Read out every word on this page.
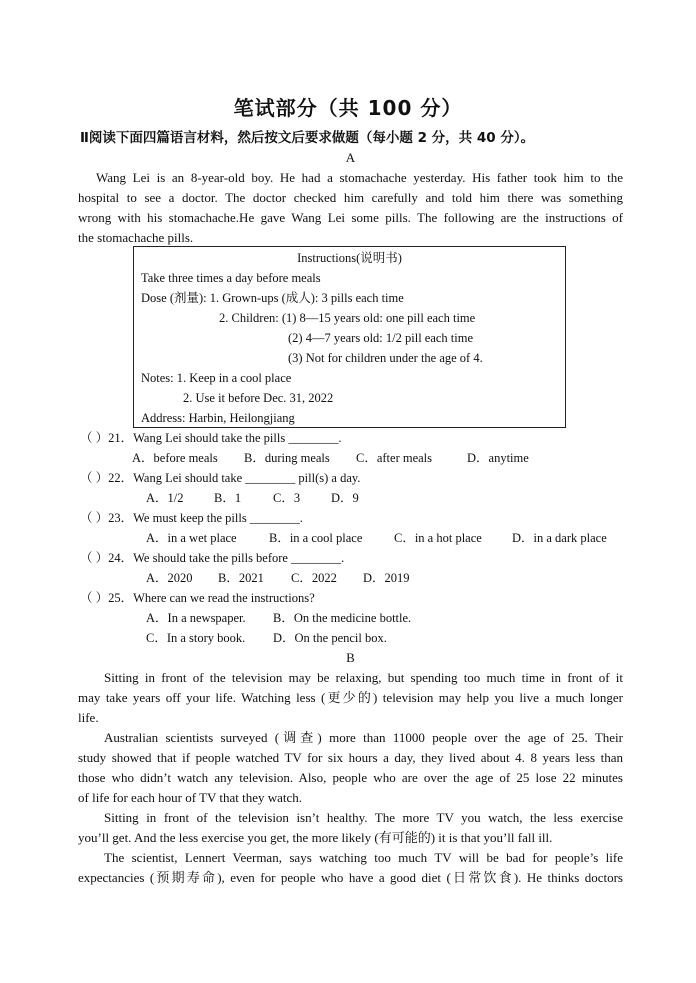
笔试部分（共 100 分）
Ⅱ阅读下面四篇语言材料，然后按文后要求做题（每小题 2 分，共 40 分）。
A
Wang Lei is an 8-year-old boy. He had a stomachache yesterday. His father took him to the
hospital to see a doctor. The doctor checked him carefully and told him there was something
wrong with his stomachache.He gave Wang Lei some pills. The following are the instructions of
the stomachache pills.
Instructions(说明书)
Take three times a day before meals
Dose (剂量): 1. Grown-ups (成人): 3 pills each time
2. Children: (1) 8—15 years old: one pill each time
(2) 4—7 years old: 1/2 pill each time
(3) Not for children under the age of 4.
Notes: 1. Keep in a cool place
2. Use it before Dec. 31, 2022
Address: Harbin, Heilongjiang
（ ）21．Wang Lei should take the pills ________.
A．before meals B．during meals C．after meals	D．anytime
（ ）22．Wang Lei should take ________ pill(s) a day.
A．1/2 B．1	C．3 D．9
（ ）23．We must keep the pills ________.
A．in a wet place	B．in a cool place	C．in a hot place D．in a dark place
（ ）24．We should take the pills before ________.
A．2020 B．2021 C．2022 D．2019
（ ）25．Where can we read the instructions?
A．In a newspaper. B．On the medicine bottle.
C．In a story book. D．On the pencil box.
B
Sitting in front of the television may be relaxing, but spending too much time in front of it
may take years off your life. Watching less (更少的) television may help you live a much longer
life.
Australian scientists surveyed (调查) more than 11000 people over the age of 25. Their
study showed that if people watched TV for six hours a day, they lived about 4. 8 years less than
those who didn’t watch any television. Also, people who are over the age of 25 lose 22 minutes
of life for each hour of TV that they watch.
Sitting in front of the television isn’t healthy. The more TV you watch, the less exercise
you’ll get. And the less exercise you get, the more likely (有可能的) it is that you’ll fall ill.
The scientist, Lennert Veerman, says watching too much TV will be bad for people’s life
expectancies (预期寿命), even for people who have a good diet (日常饮食). He thinks doctors
